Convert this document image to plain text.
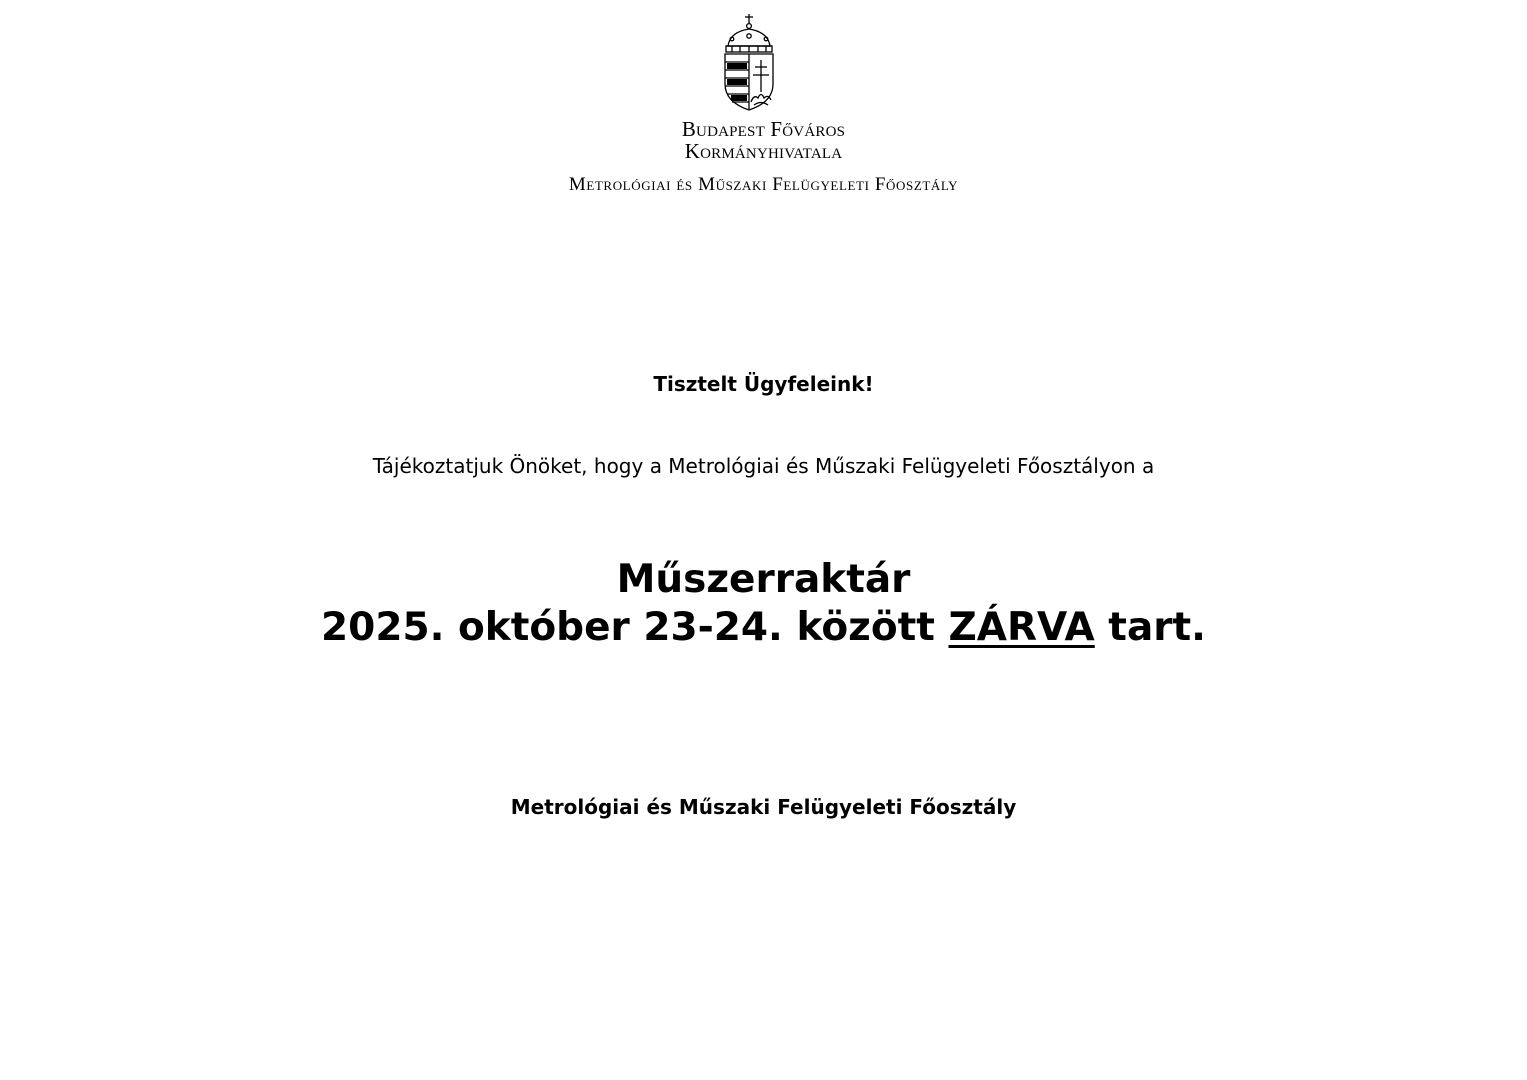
Budapest Főváros
Kormányhivatala
Metrológiai és Műszaki Felügyeleti Főosztály
Tisztelt Ügyfeleink!
Tájékoztatjuk Önöket, hogy a Metrológiai és Műszaki Felügyeleti Főosztályon a
Műszerraktár
2025. október 23-24. között ZÁRVA tart.
Metrológiai és Műszaki Felügyeleti Főosztály
